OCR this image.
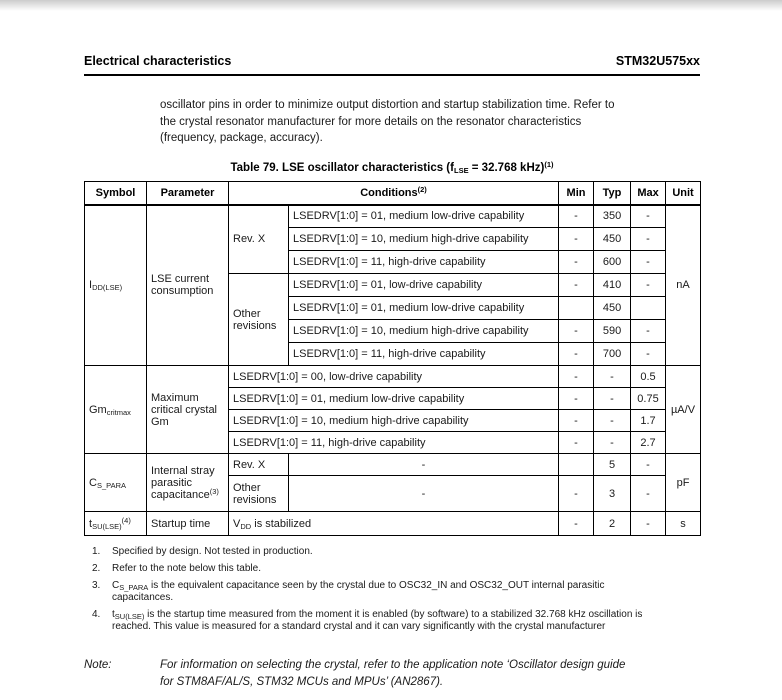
Electrical characteristics	STM32U575xx
oscillator pins in order to minimize output distortion and startup stabilization time. Refer to
the crystal resonator manufacturer for more details on the resonator characteristics
(frequency, package, accuracy).
Table 79. LSE oscillator characteristics ($f_{LSE} = 32.768$ kHz)$^{(1)}$
Symbol	Parameter	Conditions$^{(2)}$		Min	Typ	Max	Unit
$I_{DD(LSE)}$	LSE current consumption	Rev. X	LSEDRV[1:0] = 01, medium low-drive capability	-	350	-	nA
			LSEDRV[1:0] = 10, medium high-drive capability	-	450	-	
			LSEDRV[1:0] = 11, high-drive capability	-	600	-	
		Other revisions	LSEDRV[1:0] = 01, low-drive capability	-	410	-	
			LSEDRV[1:0] = 01, medium low-drive capability		450		
			LSEDRV[1:0] = 10, medium high-drive capability	-	590	-	
			LSEDRV[1:0] = 11, high-drive capability	-	700	-	
$Gm_{critmax}$	Maximum critical crystal Gm	LSEDRV[1:0] = 00, low-drive capability		-	-	0.5	µA/V
		LSEDRV[1:0] = 01, medium low-drive capability		-	-	0.75	
		LSEDRV[1:0] = 10, medium high-drive capability		-	-	1.7	
		LSEDRV[1:0] = 11, high-drive capability		-	-	2.7	
$C_{S\_PARA}$	Internal stray parasitic capacitance$^{(3)}$	Rev. X	-		5	-	pF
		Other revisions	-	-	3	-	
$t_{SU(LSE)}^{(4)}$	Startup time	$V_{DD}$ is stabilized		-	2	-	s
1.	Specified by design. Not tested in production.
2.	Refer to the note below this table.
3.	$C_{S\_PARA}$ is the equivalent capacitance seen by the crystal due to OSC32_IN and OSC32_OUT internal parasitic
capacitances.
4.	$t_{SU(LSE)}$ is the startup time measured from the moment it is enabled (by software) to a stabilized 32.768 kHz oscillation is
reached. This value is measured for a standard crystal and it can vary significantly with the crystal manufacturer
Note:	For information on selecting the crystal, refer to the application note ‘Oscillator design guide
for STM8AF/AL/S, STM32 MCUs and MPUs’ (AN2867).
